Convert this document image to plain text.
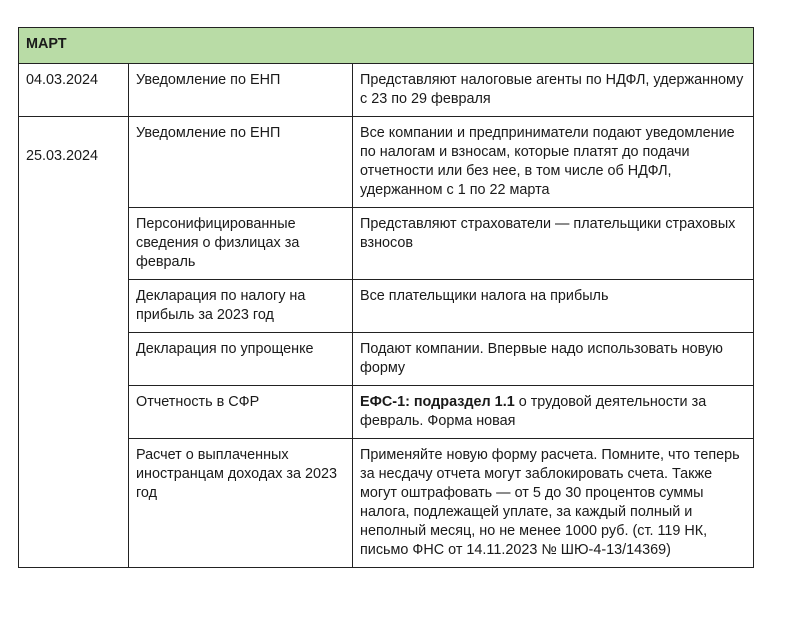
МАРТ		
04.03.2024	Уведомление по ЕНП	Представляют налоговые агенты по НДФЛ, удержанному с 23 по 29 февраля
25.03.2024	Уведомление по ЕНП	Все компании и предприниматели подают уведомление по налогам и взносам, которые платят до подачи отчетности или без нее, в том числе об НДФЛ, удержанном с 1 по 22 марта
	Персонифицированные сведения о физлицах за февраль	Представляют страхователи — плательщики страховых взносов
	Декларация по налогу на прибыль за 2023 год	Все плательщики налога на прибыль
	Декларация по упрощенке	Подают компании. Впервые надо использовать новую форму
	Отчетность в СФР	ЕФС-1: подраздел 1.1 о трудовой деятельности за февраль. Форма новая
	Расчет о выплаченных иностранцам доходах за 2023 год	Применяйте новую форму расчета. Помните, что теперь за несдачу отчета могут заблокировать счета. Также могут оштрафовать — от 5 до 30 процентов суммы налога, подлежащей уплате, за каждый полный и неполный месяц, но не менее 1000 руб. (ст. 119 НК, письмо ФНС от 14.11.2023 № ШЮ-4-13/14369)
